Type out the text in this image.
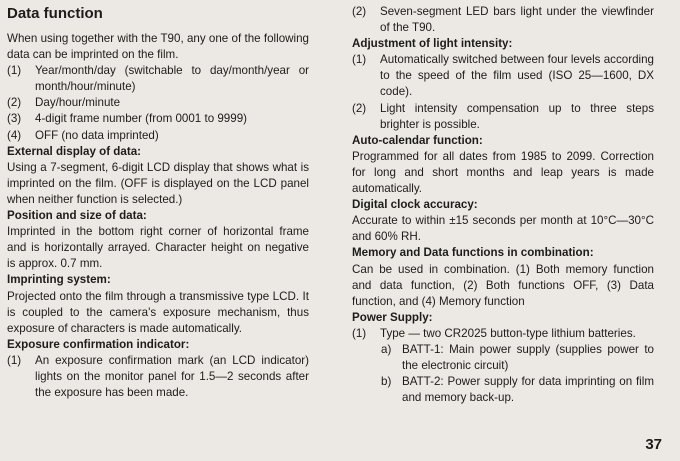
Data function

When using together with the T90, any one of the following data can be imprinted on the film.

(1)	Year/month/day (switchable to day/month/year or month/hour/minute)
(2)	Day/hour/minute
(3)	4-digit frame number (from 0001 to 9999)
(4)	OFF (no data imprinted)
External display of data:

Using a 7-segment, 6-digit LCD display that shows what is imprinted on the film. (OFF is displayed on the LCD panel when neither function is selected.)

Position and size of data:

Imprinted in the bottom right corner of horizontal frame and is horizontally arrayed. Character height on negative is approx. 0.7 mm.

Imprinting system:

Projected onto the film through a transmissive type LCD. It is coupled to the camera's exposure mechanism, thus exposure of characters is made automatically.

Exposure confirmation indicator:
(1)	An exposure confirmation mark (an LCD indicator) lights on the monitor panel for 1.5—2 seconds after the exposure has been made.
(2)	Seven-segment LED bars light under the viewfinder of the T90.
Adjustment of light intensity:
(1)	Automatically switched between four levels according to the speed of the film used (ISO 25—1600, DX code).
(2)	Light intensity compensation up to three steps brighter is possible.
Auto-calendar function:

Programmed for all dates from 1985 to 2099. Correction for long and short months and leap years is made automatically.

Digital clock accuracy:

Accurate to within ±15 seconds per month at 10°C—30°C and 60% RH.

Memory and Data functions in combination:

Can be used in combination. (1) Both memory function and data function, (2) Both functions OFF, (3) Data function, and (4) Memory function

Power Supply:
(1)	Type — two CR2025 button-type lithium batteries.
a) BATT-1: Main power supply (supplies power to the electronic circuit)
b) BATT-2: Power supply for data imprinting on film and memory back-up.
37
